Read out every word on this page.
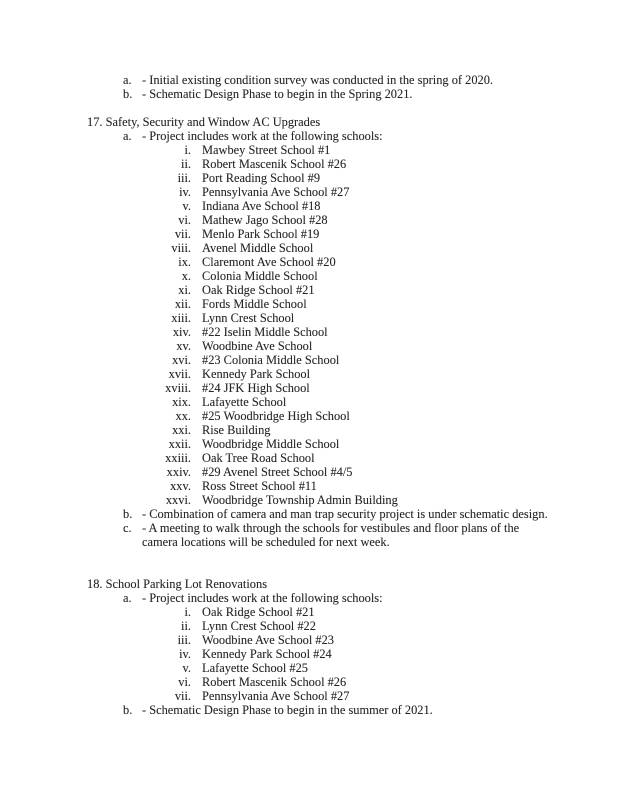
a. - Initial existing condition survey was conducted in the spring of 2020.
b. - Schematic Design Phase to begin in the Spring 2021.
17. Safety, Security and Window AC Upgrades
a. - Project includes work at the following schools:
i. Mawbey Street School #1
ii. Robert Mascenik School #26
iii. Port Reading School #9
iv. Pennsylvania Ave School #27
v. Indiana Ave School #18
vi. Mathew Jago School #28
vii. Menlo Park School #19
viii. Avenel Middle School
ix. Claremont Ave School #20
x. Colonia Middle School
xi. Oak Ridge School #21
xii. Fords Middle School
xiii. Lynn Crest School
xiv. #22 Iselin Middle School
xv. Woodbine Ave School
xvi. #23 Colonia Middle School
xvii. Kennedy Park School
xviii. #24 JFK High School
xix. Lafayette School
xx. #25 Woodbridge High School
xxi. Rise Building
xxii. Woodbridge Middle School
xxiii. Oak Tree Road School
xxiv. #29 Avenel Street School #4/5
xxv. Ross Street School #11
xxvi. Woodbridge Township Admin Building
b. - Combination of camera and man trap security project is under schematic design.
c. - A meeting to walk through the schools for vestibules and floor plans of the
camera locations will be scheduled for next week.
18. School Parking Lot Renovations
a. - Project includes work at the following schools:
i. Oak Ridge School #21
ii. Lynn Crest School #22
iii. Woodbine Ave School #23
iv. Kennedy Park School #24
v. Lafayette School #25
vi. Robert Mascenik School #26
vii. Pennsylvania Ave School #27
b. - Schematic Design Phase to begin in the summer of 2021.
